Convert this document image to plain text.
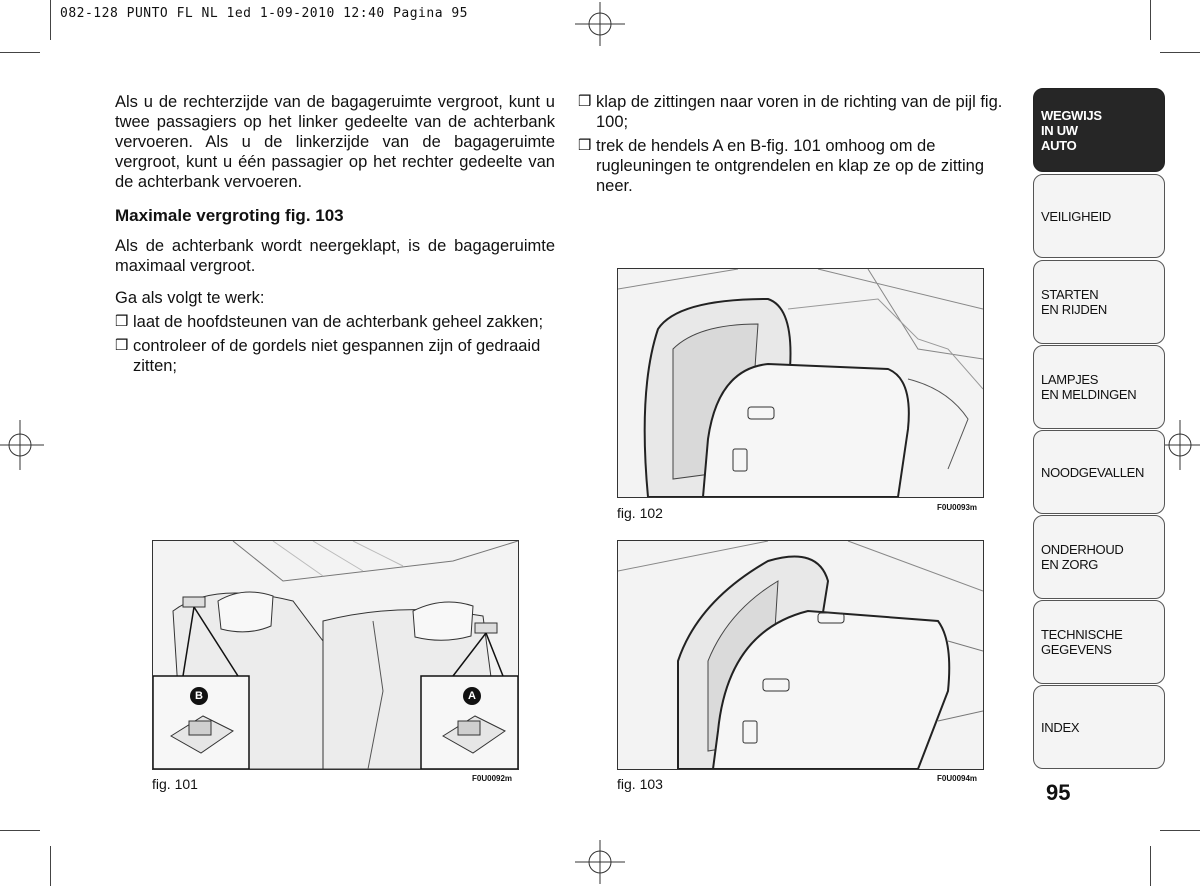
082-128 PUNTO FL NL 1ed 1-09-2010 12:40 Pagina 95

Als u de rechterzijde van de bagageruimte vergroot, kunt u twee passagiers op het linker gedeelte van de achterbank vervoeren. Als u de linkerzijde van de bagageruimte vergroot, kunt u één passagier op het rechter gedeelte van de achterbank vervoeren.

Maximale vergroting fig. 103

Als de achterbank wordt neergeklapt, is de bagageruimte maximaal vergroot.

Ga als volgt te werk:

❒ laat de hoofdsteunen van de achterbank geheel zakken;
❒ controleer of de gordels niet gespannen zijn of gedraaid zitten;
❒ klap de zittingen naar voren in de richting van de pijl fig. 100;
❒ trek de hendels A en B-fig. 101 omhoog om de rugleuningen te ontgrendelen en klap ze op de zitting neer.
fig. 102	F0U0093m
B	A
fig. 101	F0U0092m	fig. 103	F0U0094m
WEGWIJS
IN UW
AUTO
VEILIGHEID
STARTEN
EN RIJDEN
LAMPJES
EN MELDINGEN
NOODGEVALLEN
ONDERHOUD
EN ZORG
TECHNISCHE
GEGEVENS
INDEX
95
